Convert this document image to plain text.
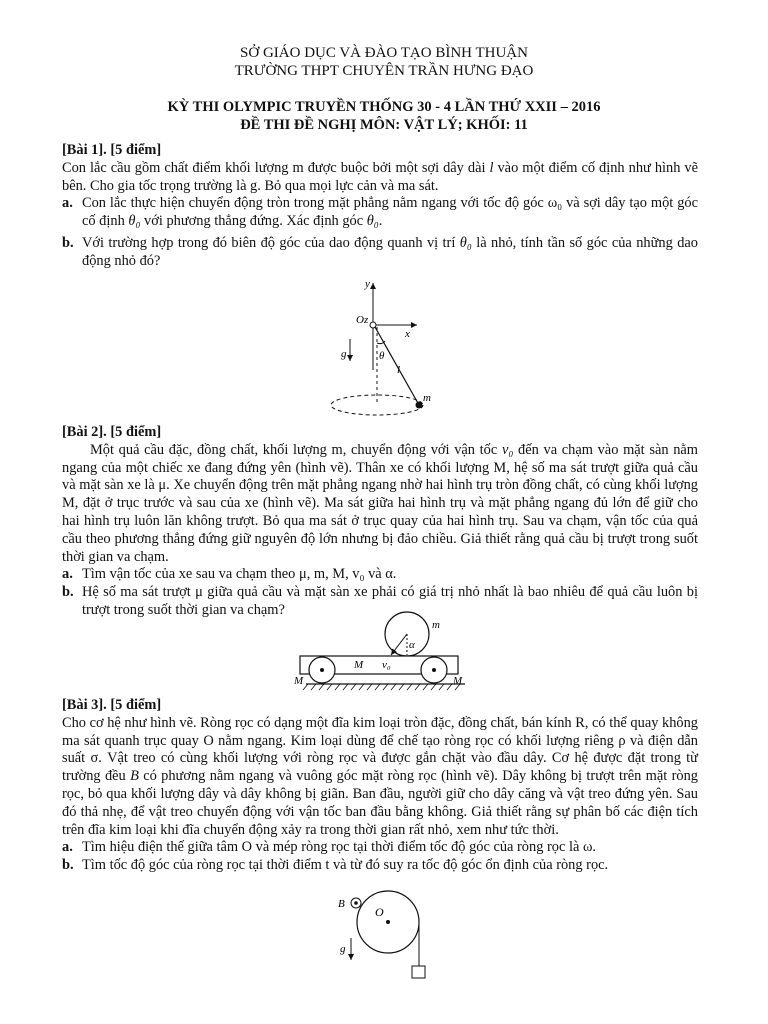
SỞ GIÁO DỤC VÀ ĐÀO TẠO BÌNH THUẬN
TRƯỜNG THPT CHUYÊN TRẦN HƯNG ĐẠO
KỲ THI OLYMPIC TRUYỀN THỐNG 30 - 4 LẦN THỨ XXII – 2016
ĐỀ THI ĐỀ NGHỊ MÔN: VẬT LÝ; KHỐI: 11

[Bài 1]. [5 điểm]

Con lắc cầu gồm chất điểm khối lượng m được buộc bởi một sợi dây dài l vào một điểm cố định như hình vẽ bên. Cho gia tốc trọng trường là g. Bỏ qua mọi lực cản và ma sát.

a. Con lắc thực hiện chuyển động tròn trong mặt phẳng nằm ngang với tốc độ góc ω₀ và sợi dây tạo một góc cố định θ₀ với phương thẳng đứng. Xác định góc θ₀.
b. Với trường hợp trong đó biên độ góc của dao động quanh vị trí θ₀ là nhỏ, tính tần số góc của những dao động nhỏ đó?
y
Oz
x
g	θ
l
m

[Bài 2]. [5 điểm]

Một quả cầu đặc, đồng chất, khối lượng m, chuyển động với vận tốc v₀ đến va chạm vào mặt sàn nằm ngang của một chiếc xe đang đứng yên (hình vẽ). Thân xe có khối lượng M, hệ số ma sát trượt giữa quả cầu và mặt sàn xe là μ. Xe chuyển động trên mặt phẳng ngang nhờ hai hình trụ tròn đồng chất, có cùng khối lượng M, đặt ở trục trước và sau của xe (hình vẽ). Ma sát giữa hai hình trụ và mặt phẳng ngang đủ lớn để giữ cho hai hình trụ luôn lăn không trượt. Bỏ qua ma sát ở trục quay của hai hình trụ. Sau va chạm, vận tốc của quả cầu theo phương thẳng đứng giữ nguyên độ lớn nhưng bị đảo chiều. Giả thiết rằng quả cầu bị trượt trong suốt thời gian va chạm.

a. Tìm vận tốc của xe sau va chạm theo μ, m, M, v₀ và α.
b. Hệ số ma sát trượt μ giữa quả cầu và mặt sàn xe phải có giá trị nhỏ nhất là bao nhiêu để quả cầu luôn bị trượt trong suốt thời gian va chạm?
m
α
M v₀
M	M

[Bài 3]. [5 điểm]

Cho cơ hệ như hình vẽ. Ròng rọc có dạng một đĩa kim loại tròn đặc, đồng chất, bán kính R, có thể quay không ma sát quanh trục quay O nằm ngang. Kim loại dùng để chế tạo ròng rọc có khối lượng riêng ρ và điện dẫn suất σ. Vật treo có cùng khối lượng với ròng rọc và được gắn chặt vào đầu dây. Cơ hệ được đặt trong từ trường đều B có phương nằm ngang và vuông góc mặt ròng rọc (hình vẽ). Dây không bị trượt trên mặt ròng rọc, bỏ qua khối lượng dây và dây không bị giãn. Ban đầu, người giữ cho dây căng và vật treo đứng yên. Sau đó thả nhẹ, để vật treo chuyển động với vận tốc ban đầu bằng không. Giả thiết rằng sự phân bố các điện tích trên đĩa kim loại khi đĩa chuyển động xảy ra trong thời gian rất nhỏ, xem như tức thời.

a. Tìm hiệu điện thế giữa tâm O và mép ròng rọc tại thời điểm tốc độ góc của ròng rọc là ω.
b. Tìm tốc độ góc của ròng rọc tại thời điểm t và từ đó suy ra tốc độ góc ổn định của ròng rọc.
B
O
g
